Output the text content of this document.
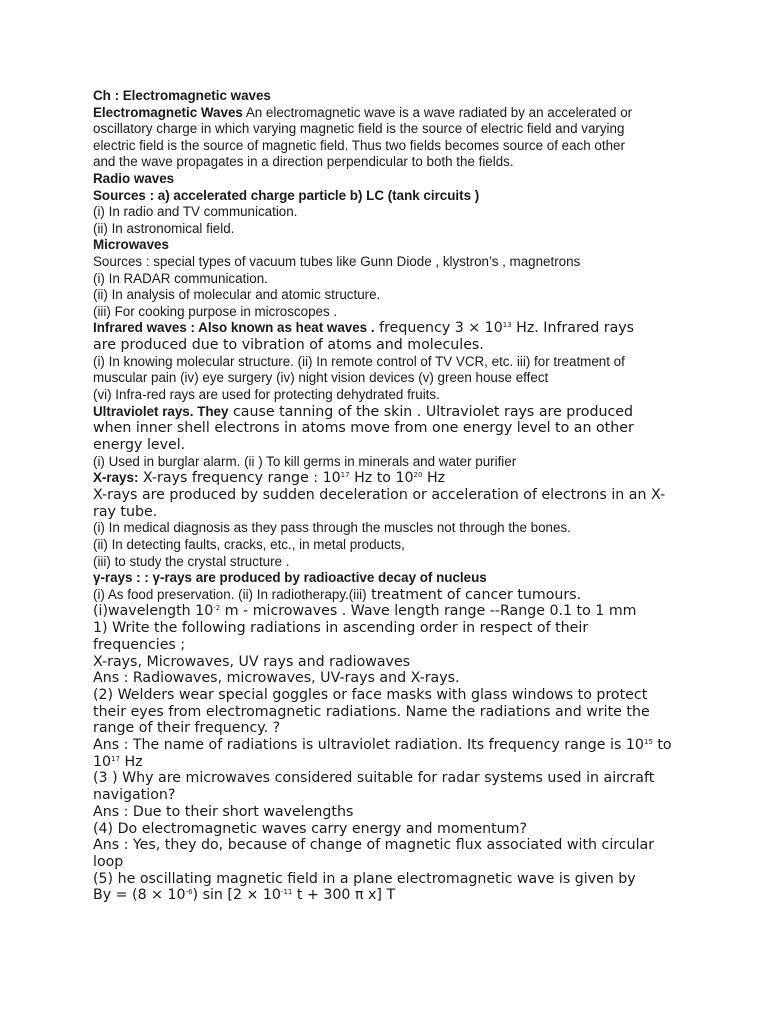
Ch : Electromagnetic waves

Electromagnetic Waves An electromagnetic wave is a wave radiated by an accelerated or

oscillatory charge in which varying magnetic field is the source of electric field and varying

electric field is the source of magnetic field. Thus two fields becomes source of each other

and the wave propagates in a direction perpendicular to both the fields.

Radio waves

Sources : a) accelerated charge particle b) LC (tank circuits )

(i) In radio and TV communication.

(ii) In astronomical field.

Microwaves

Sources : special types of vacuum tubes like Gunn Diode , klystron’s , magnetrons

(i) In RADAR communication.

(ii) In analysis of molecular and atomic structure.

(iii) For cooking purpose in microscopes .

Infrared waves : Also known as heat waves . frequency $3 \times 10^{13}$ Hz. Infrared rays

are produced due to vibration of atoms and molecules.

(i) In knowing molecular structure. (ii) In remote control of TV VCR, etc. iii) for treatment of

muscular pain (iv) eye surgery (iv) night vision devices (v) green house effect

(vi) Infra-red rays are used for protecting dehydrated fruits.

Ultraviolet rays. They cause tanning of the skin . Ultraviolet rays are produced

when inner shell electrons in atoms move from one energy level to an other

energy level.

(i) Used in burglar alarm. (ii ) To kill germs in minerals and water purifier

X-rays: X-rays frequency range : $10^{17}$ Hz to $10^{20}$ Hz

X-rays are produced by sudden deceleration or acceleration of electrons in an X-

ray tube.

(i) In medical diagnosis as they pass through the muscles not through the bones.

(ii) In detecting faults, cracks, etc., in metal products,

(iii) to study the crystal structure .

γ-rays : : γ-rays are produced by radioactive decay of nucleus

(i) As food preservation. (ii) In radiotherapy.(iii) treatment of cancer tumours.

(i)wavelength $10^{-2}$ m - microwaves . Wave length range --Range 0.1 to 1 mm

1) Write the following radiations in ascending order in respect of their

frequencies ;

X-rays, Microwaves, UV rays and radiowaves

Ans : Radiowaves, microwaves, UV-rays and X-rays.

(2) Welders wear special goggles or face masks with glass windows to protect

their eyes from electromagnetic radiations. Name the radiations and write the

range of their frequency. ?

Ans : The name of radiations is ultraviolet radiation. Its frequency range is $10^{15}$ to

$10^{17}$ Hz

(3 ) Why are microwaves considered suitable for radar systems used in aircraft

navigation?

Ans : Due to their short wavelengths

(4) Do electromagnetic waves carry energy and momentum?

Ans : Yes, they do, because of change of magnetic flux associated with circular

loop

(5) he oscillating magnetic field in a plane electromagnetic wave is given by

$By = (8 \times 10^{-6})$ $\sin [2 \times 10^{-11}$ t + 300 π x] T
